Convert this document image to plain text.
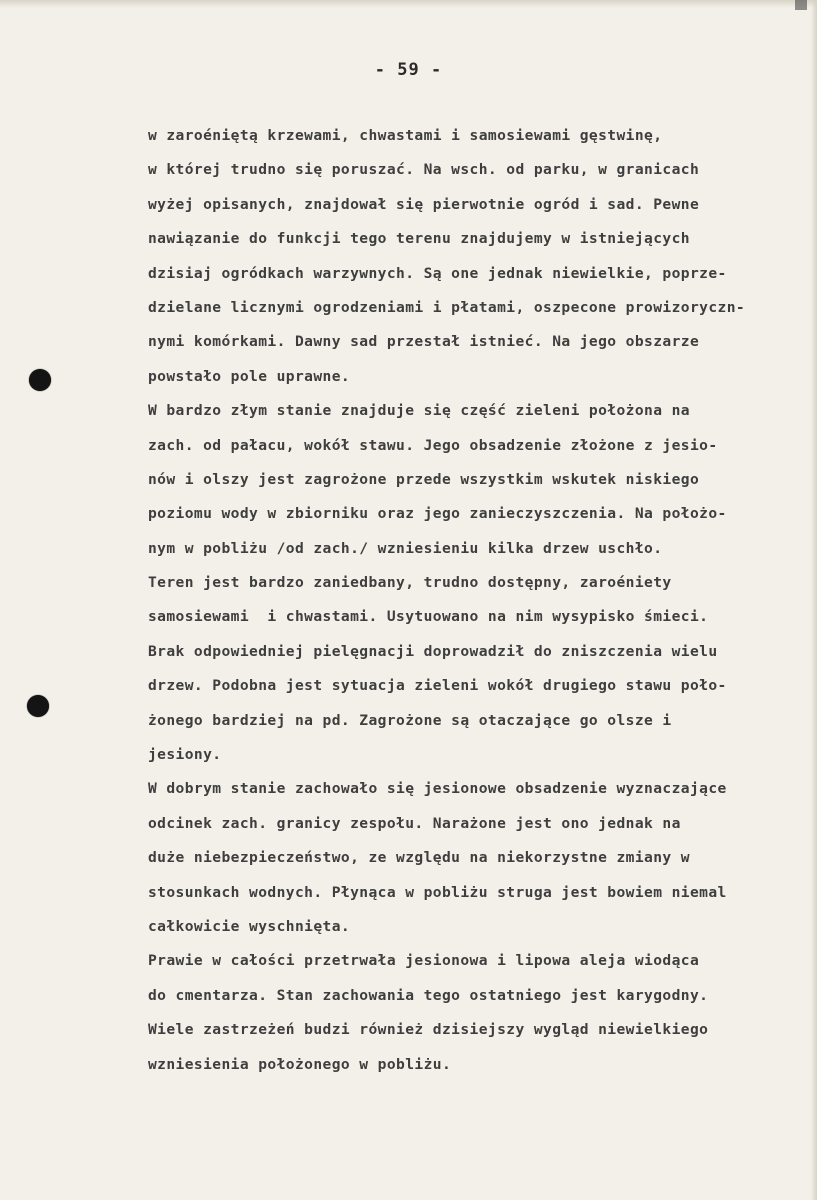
- 59 -
w zaroéniętą krzewami, chwastami i samosiewami gęstwinę,
w której trudno się poruszać. Na wsch. od parku, w granicach
wyżej opisanych, znajdował się pierwotnie ogród i sad. Pewne
nawiązanie do funkcji tego terenu znajdujemy w istniejących
dzisiaj ogródkach warzywnych. Są one jednak niewielkie, poprze-
dzielane licznymi ogrodzeniami i płatami, oszpecone prowizoryczn-
nymi komórkami. Dawny sad przestał istnieć. Na jego obszarze
powstało pole uprawne.
W bardzo złym stanie znajduje się część zieleni położona na
zach. od pałacu, wokół stawu. Jego obsadzenie złożone z jesio-
nów i olszy jest zagrożone przede wszystkim wskutek niskiego
poziomu wody w zbiorniku oraz jego zanieczyszczenia. Na położo-
nym w pobliżu /od zach./ wzniesieniu kilka drzew uschło.
Teren jest bardzo zaniedbany, trudno dostępny, zaroéniety
samosiewami  i chwastami. Usytuowano na nim wysypisko śmieci.
Brak odpowiedniej pielęgnacji doprowadził do zniszczenia wielu
drzew. Podobna jest sytuacja zieleni wokół drugiego stawu poło-
żonego bardziej na pd. Zagrożone są otaczające go olsze i
jesiony.
W dobrym stanie zachowało się jesionowe obsadzenie wyznaczające
odcinek zach. granicy zespołu. Narażone jest ono jednak na
duże niebezpieczeństwo, ze względu na niekorzystne zmiany w
stosunkach wodnych. Płynąca w pobliżu struga jest bowiem niemal
całkowicie wyschnięta.
Prawie w całości przetrwała jesionowa i lipowa aleja wiodąca
do cmentarza. Stan zachowania tego ostatniego jest karygodny.
Wiele zastrzeżeń budzi również dzisiejszy wygląd niewielkiego
wzniesienia położonego w pobliżu.
